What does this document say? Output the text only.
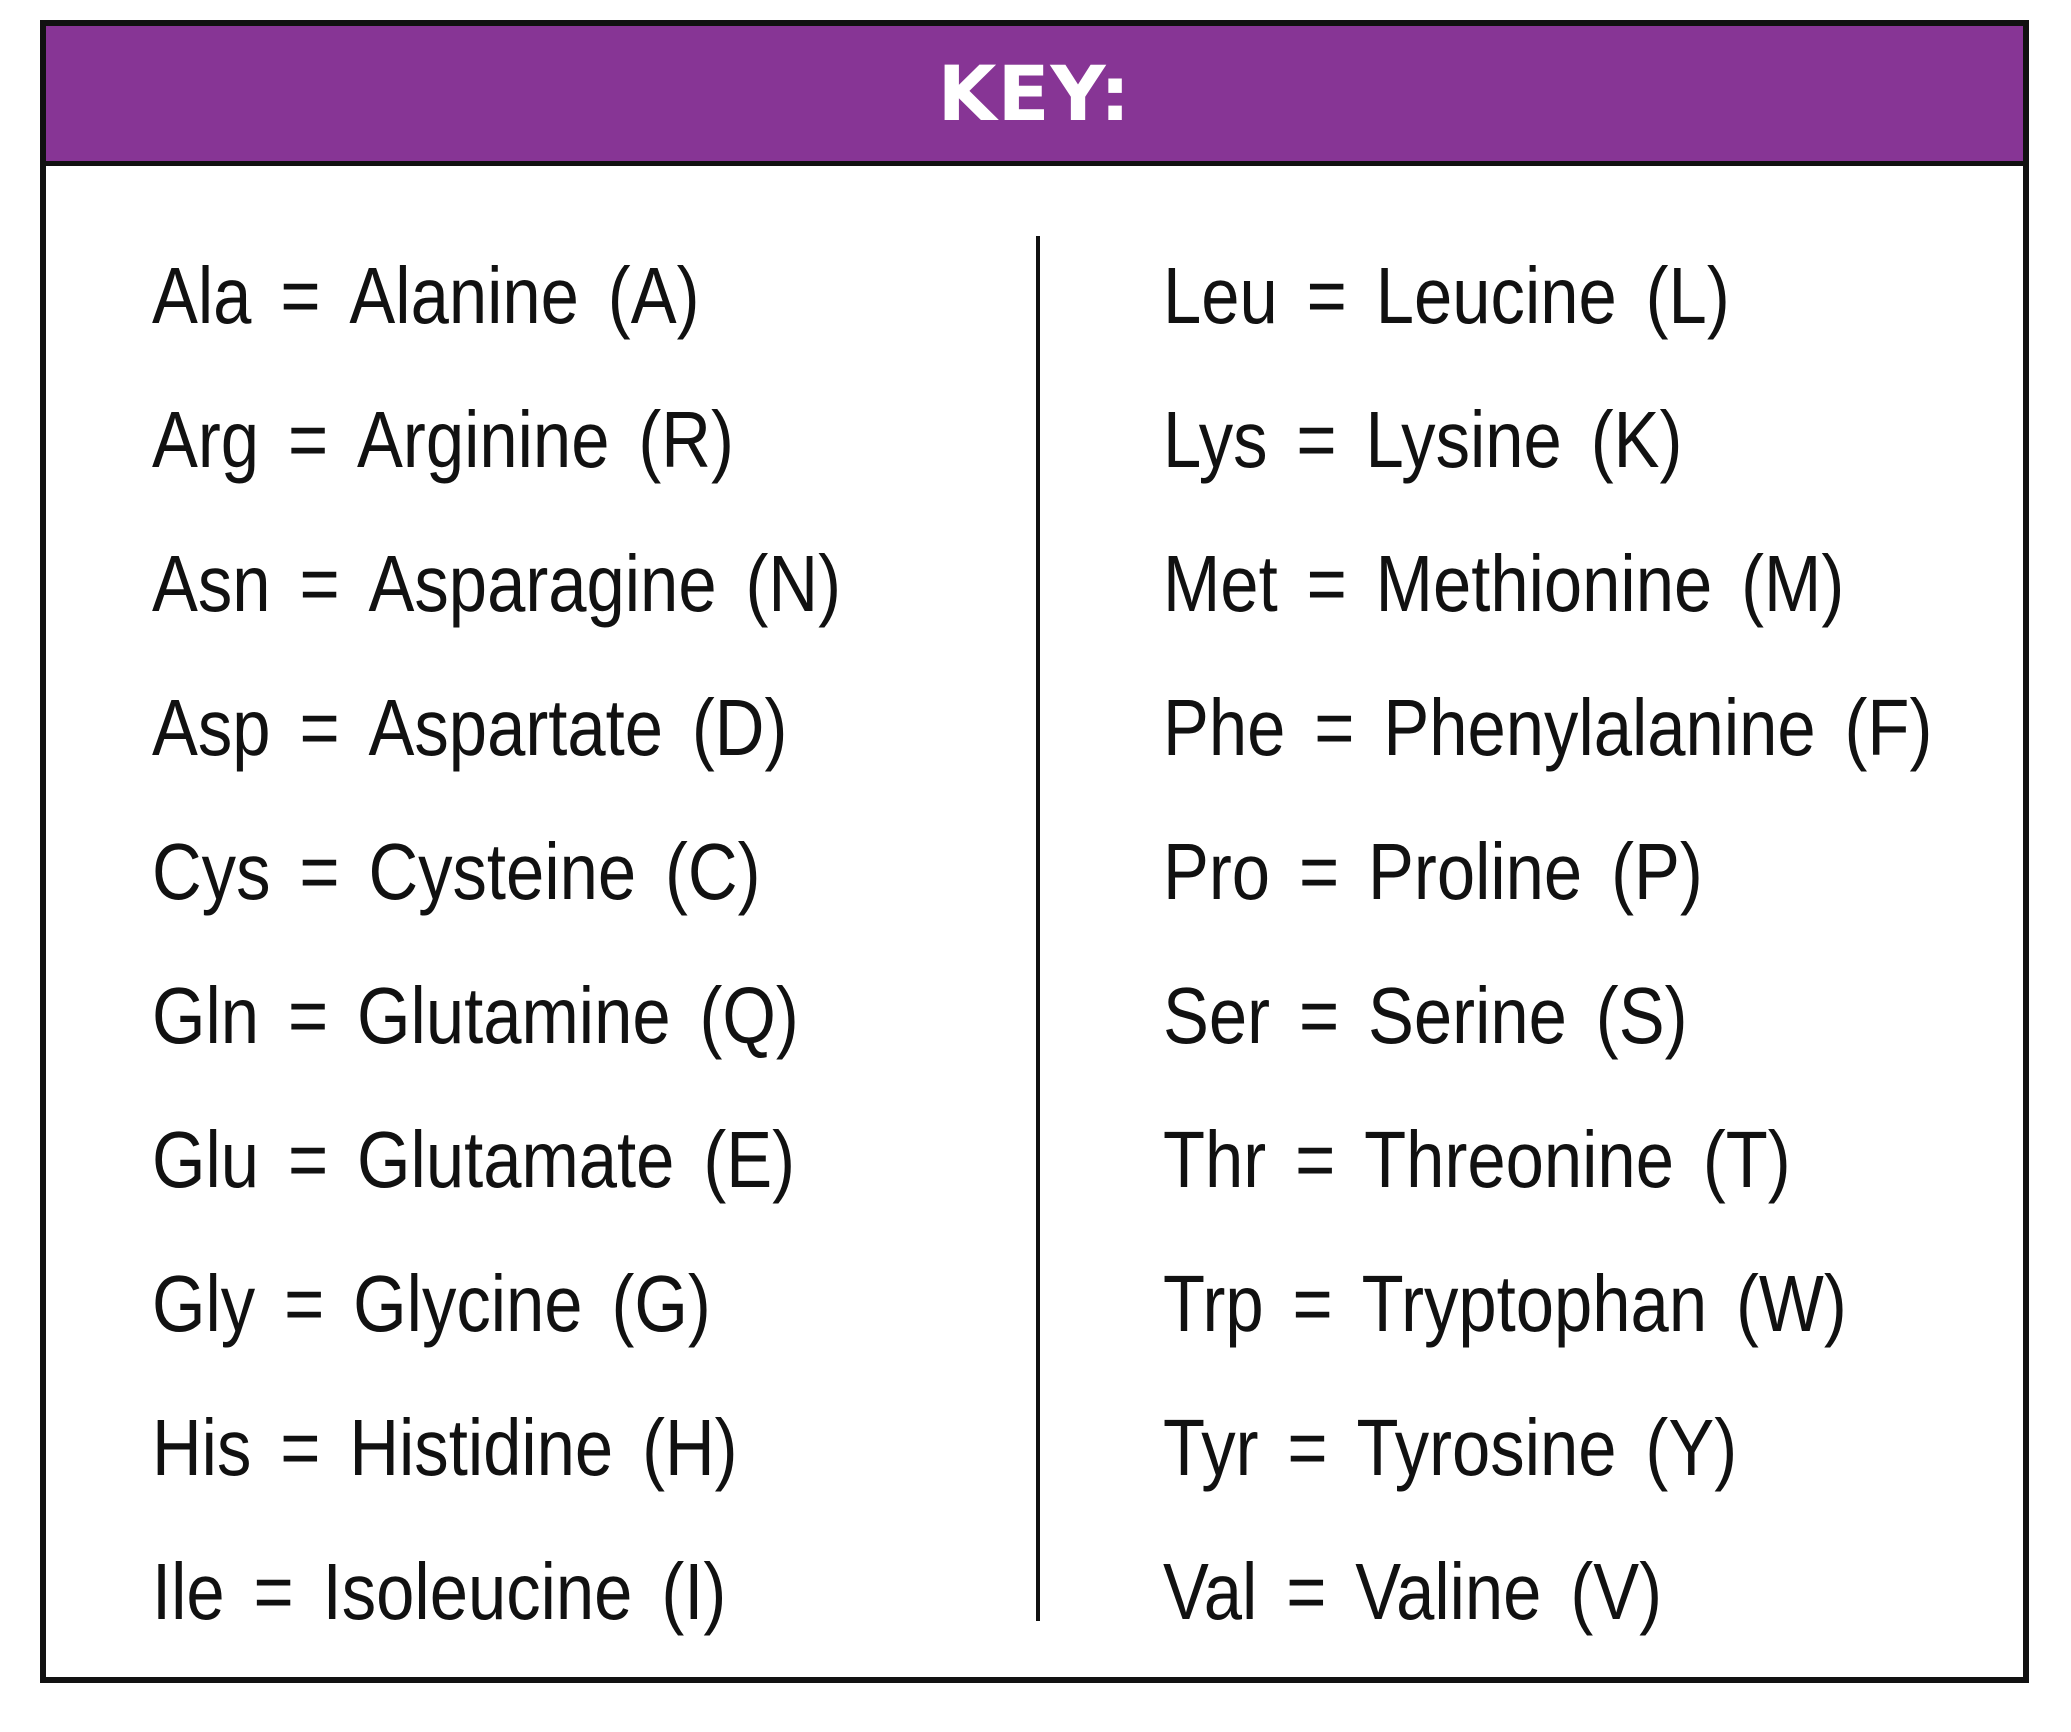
KEY:
Ala = Alanine (A)
Arg = Arginine (R)
Asn = Asparagine (N)
Asp = Aspartate (D)
Cys = Cysteine (C)
Gln = Glutamine (Q)
Glu = Glutamate (E)
Gly = Glycine (G)
His = Histidine (H)
Ile = Isoleucine (I)
Leu = Leucine (L)
Lys = Lysine (K)
Met = Methionine (M)
Phe = Phenylalanine (F)
Pro = Proline (P)
Ser = Serine (S)
Thr = Threonine (T)
Trp = Tryptophan (W)
Tyr = Tyrosine (Y)
Val = Valine (V)
